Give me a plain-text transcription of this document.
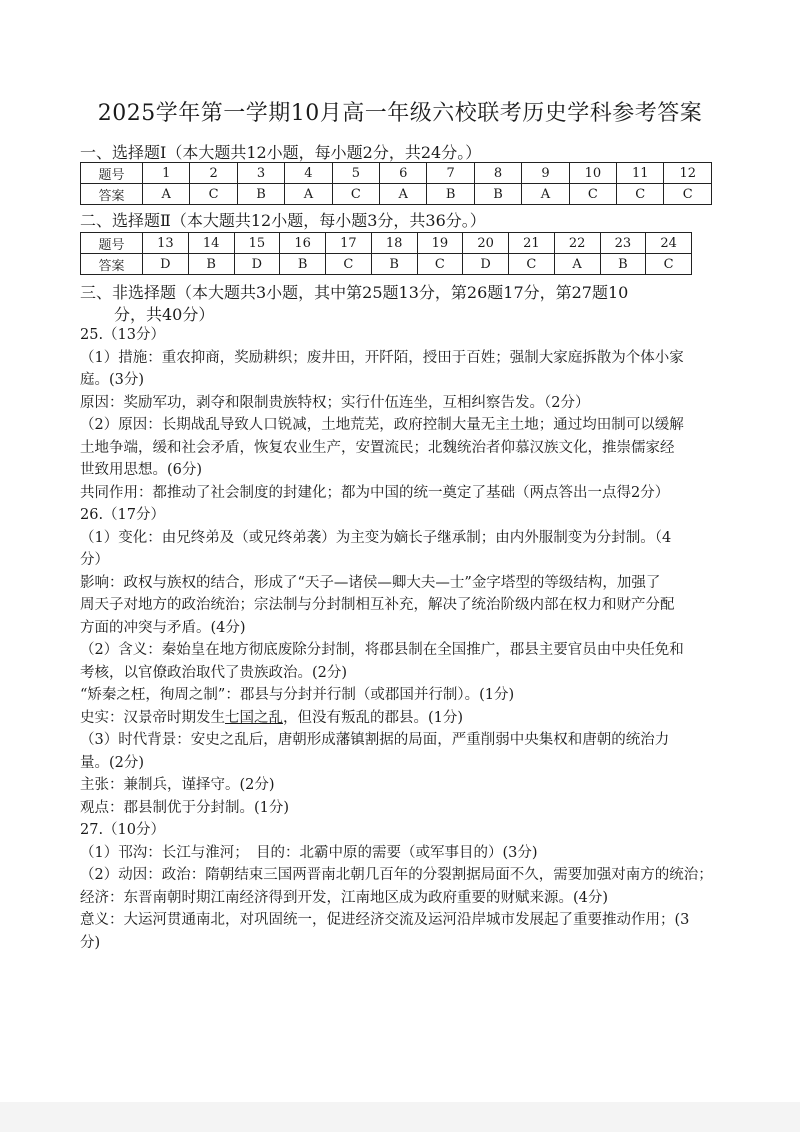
2025学年第一学期10月高一年级六校联考历史学科参考答案
一、选择题Ⅰ（本大题共12小题，每小题2分，共24分。）
题号	1	2	3	4	5	6	7	8	9	10	11	12
答案	A	C	B	A	C	A	B	B	A	C	C	C
二、选择题Ⅱ（本大题共12小题，每小题3分，共36分。）
题号	13	14	15	16	17	18	19	20	21	22	23	24
答案	D	B	D	B	C	B	C	D	C	A	B	C
三、非选择题（本大题共3小题，其中第25题13分，第26题17分，第27题10
分，共40分）

25.（13分）

（1）措施：重农抑商，奖励耕织；废井田，开阡陌，授田于百姓；强制大家庭拆散为个体小家

庭。(3分)

原因：奖励军功，剥夺和限制贵族特权；实行什伍连坐，互相纠察告发。（2分）

（2）原因：长期战乱导致人口锐减，土地荒芜，政府控制大量无主土地；通过均田制可以缓解

土地争端，缓和社会矛盾，恢复农业生产，安置流民；北魏统治者仰慕汉族文化，推崇儒家经

世致用思想。(6分)

共同作用：都推动了社会制度的封建化；都为中国的统一奠定了基础（两点答出一点得2分）

26.（17分）

（1）变化：由兄终弟及（或兄终弟袭）为主变为嫡长子继承制；由内外服制变为分封制。（4

分）

影响：政权与族权的结合，形成了“天子—诸侯—卿大夫—士”金字塔型的等级结构，加强了

周天子对地方的政治统治；宗法制与分封制相互补充，解决了统治阶级内部在权力和财产分配

方面的冲突与矛盾。(4分)

（2）含义：秦始皇在地方彻底废除分封制，将郡县制在全国推广，郡县主要官员由中央任免和

考核，以官僚政治取代了贵族政治。(2分)

“矫秦之枉，徇周之制”：郡县与分封并行制（或郡国并行制）。(1分)

史实：汉景帝时期发生七国之乱，但没有叛乱的郡县。(1分)

（3）时代背景：安史之乱后，唐朝形成藩镇割据的局面，严重削弱中央集权和唐朝的统治力

量。(2分)

主张：兼制兵，谨择守。(2分)

观点：郡县制优于分封制。(1分)

27.（10分）

（1）邗沟：长江与淮河；　目的：北霸中原的需要（或军事目的）(3分)

（2）动因：政治：隋朝结束三国两晋南北朝几百年的分裂割据局面不久，需要加强对南方的统治；

经济：东晋南朝时期江南经济得到开发，江南地区成为政府重要的财赋来源。(4分)

意义：大运河贯通南北，对巩固统一，促进经济交流及运河沿岸城市发展起了重要推动作用；(3

分)
